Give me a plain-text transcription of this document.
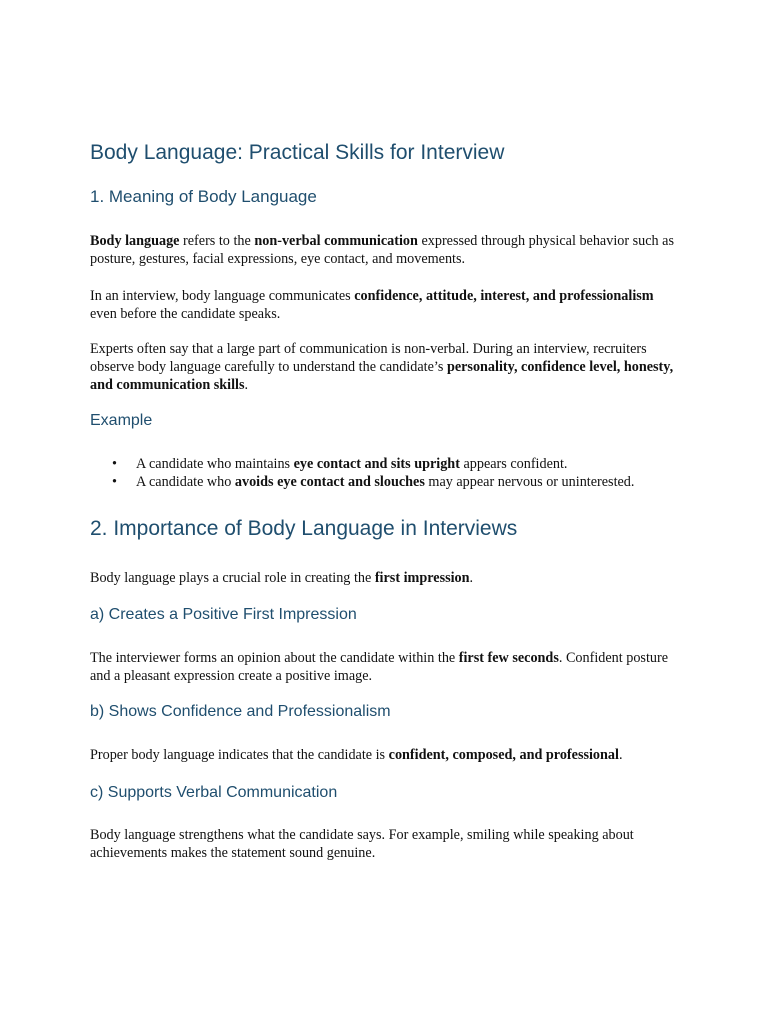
Body Language: Practical Skills for Interview
1. Meaning of Body Language

Body language refers to the non-verbal communication expressed through physical behavior such as posture, gestures, facial expressions, eye contact, and movements.

In an interview, body language communicates confidence, attitude, interest, and professionalism even before the candidate speaks.

Experts often say that a large part of communication is non-verbal. During an interview, recruiters observe body language carefully to understand the candidate’s personality, confidence level, honesty, and communication skills.

Example
• A candidate who maintains eye contact and sits upright appears confident.
• A candidate who avoids eye contact and slouches may appear nervous or uninterested.
2. Importance of Body Language in Interviews

Body language plays a crucial role in creating the first impression.

a) Creates a Positive First Impression

The interviewer forms an opinion about the candidate within the first few seconds. Confident posture and a pleasant expression create a positive image.

b) Shows Confidence and Professionalism

Proper body language indicates that the candidate is confident, composed, and professional.

c) Supports Verbal Communication

Body language strengthens what the candidate says. For example, smiling while speaking about achievements makes the statement sound genuine.
